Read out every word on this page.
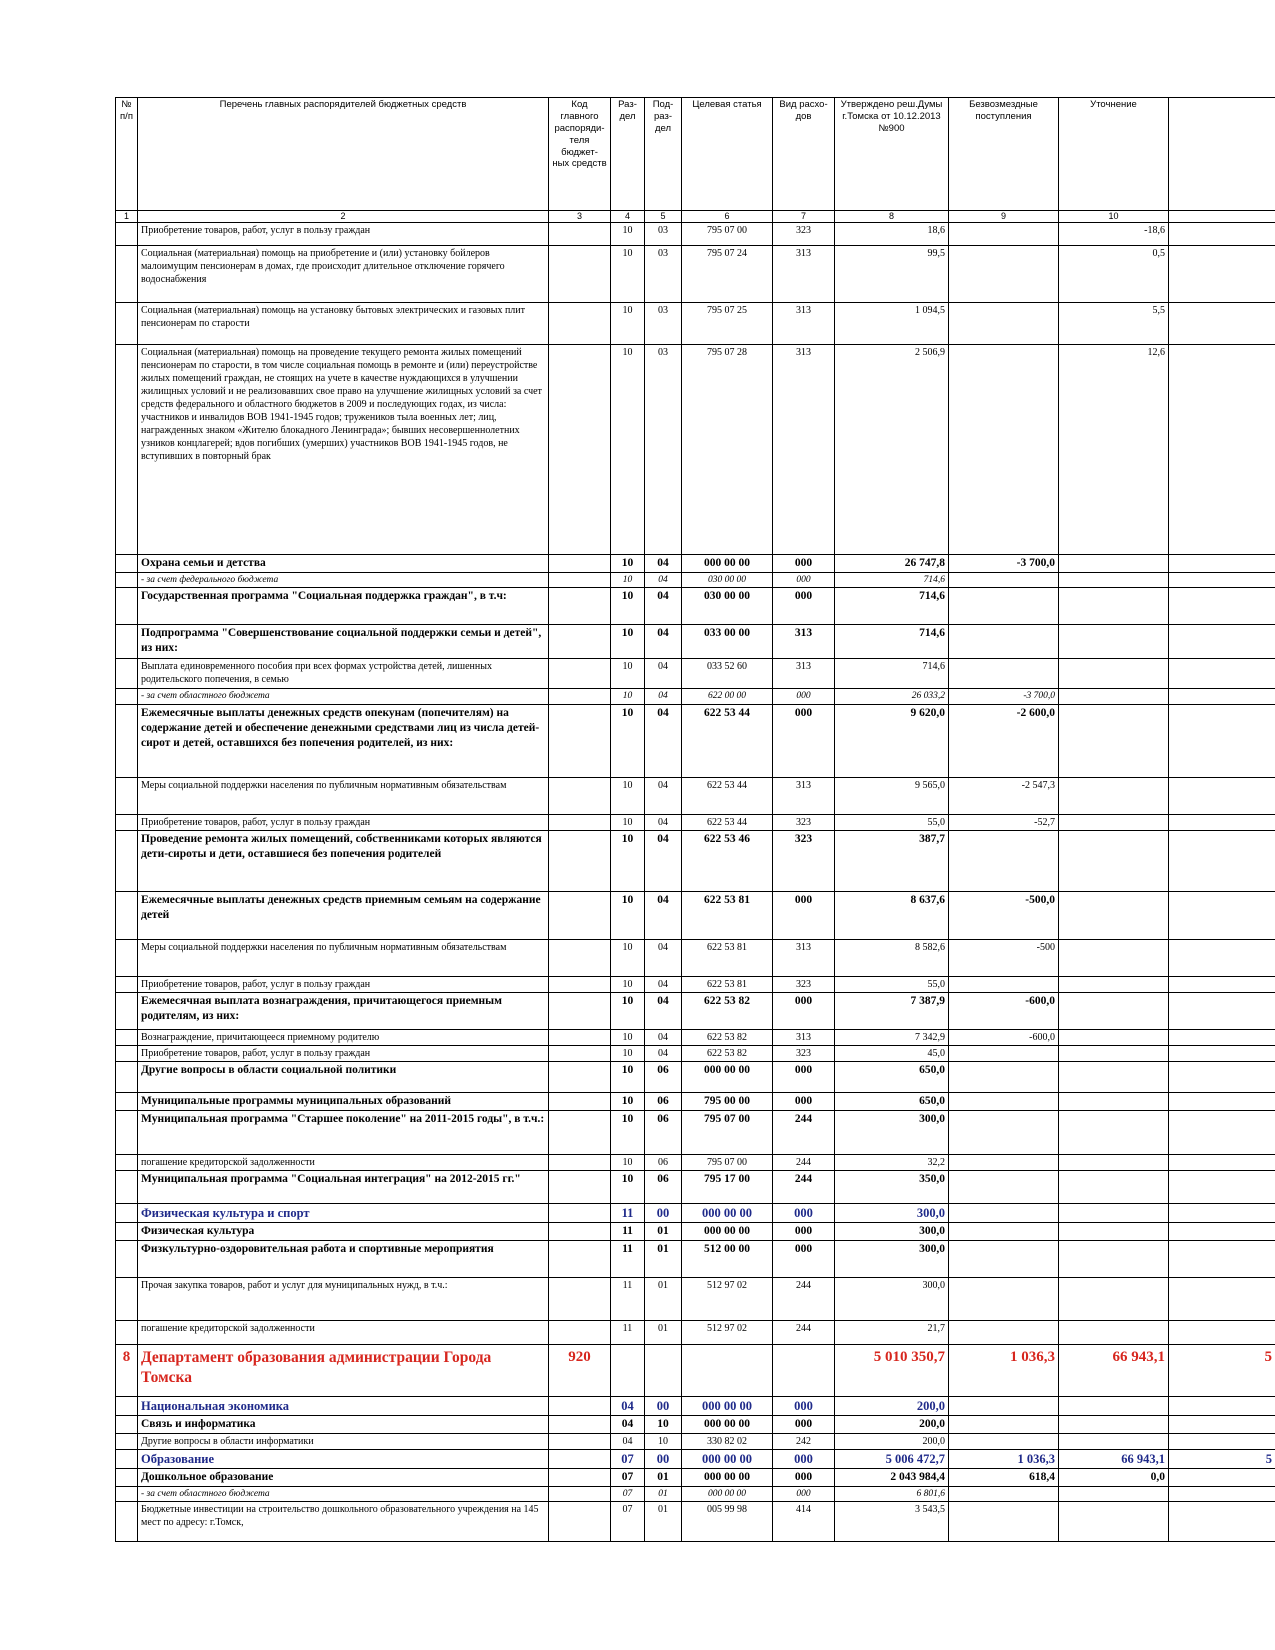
№ п/п	Перечень главных распорядителей бюджетных средств	Код главного распоряди- теля бюджет- ных средств	Раз- дел	Под- раз- дел	Целевая статья	Вид расхо- дов	Утверждено реш.Думы г.Томска от 10.12.2013 №900	Безвозмездные поступления	Уточнение	
1	2	3	4	5	6	7	8	9	10	
	Приобретение товаров, работ, услуг в пользу граждан		10	03	795 07 00	323	18,6		-18,6	
	Социальная (материальная) помощь на приобретение и (или) установку бойлеров малоимущим пенсионерам в домах, где происходит длительное отключение горячего водоснабжения		10	03	795 07 24	313	99,5		0,5	
	Социальная (материальная) помощь на установку бытовых электрических и газовых плит пенсионерам по старости		10	03	795 07 25	313	1 094,5		5,5	
	Социальная (материальная) помощь на проведение текущего ремонта жилых помещений пенсионерам по старости, в том числе социальная помощь в ремонте и (или) переустройстве жилых помещений граждан, не стоящих на учете в качестве нуждающихся в улучшении жилищных условий и не реализовавших свое право на улучшение жилищных условий за счет средств федерального и областного бюджетов в 2009 и последующих годах, из числа: участников и инвалидов ВОВ 1941-1945 годов; тружеников тыла военных лет; лиц, награжденных знаком «Жителю блокадного Ленинграда»; бывших несовершеннолетних узников концлагерей; вдов погибших (умерших) участников ВОВ 1941-1945 годов, не вступивших в повторный брак		10	03	795 07 28	313	2 506,9		12,6	
	Охрана семьи и детства		10	04	000 00 00	000	26 747,8	-3 700,0		
	- за счет федерального бюджета		10	04	030 00 00	000	714,6			
	Государственная программа "Социальная поддержка граждан", в т.ч:		10	04	030 00 00	000	714,6			
	Подпрограмма "Совершенствование социальной поддержки семьи и детей", из них:		10	04	033 00 00	313	714,6			
	Выплата единовременного пособия при всех формах устройства детей, лишенных родительского попечения, в семью		10	04	033 52 60	313	714,6			
	- за счет областного бюджета		10	04	622 00 00	000	26 033,2	-3 700,0		
	Ежемесячные выплаты денежных средств опекунам (попечителям) на содержание детей и обеспечение денежными средствами лиц из числа детей-сирот и детей, оставшихся без попечения родителей, из них:		10	04	622 53 44	000	9 620,0	-2 600,0		
	Меры социальной поддержки населения по публичным нормативным обязательствам		10	04	622 53 44	313	9 565,0	-2 547,3		
	Приобретение товаров, работ, услуг в пользу граждан		10	04	622 53 44	323	55,0	-52,7		
	Проведение ремонта жилых помещений, собственниками которых являются дети-сироты и дети, оставшиеся без попечения родителей		10	04	622 53 46	323	387,7			
	Ежемесячные выплаты денежных средств приемным семьям на содержание детей		10	04	622 53 81	000	8 637,6	-500,0		
	Меры социальной поддержки населения по публичным нормативным обязательствам		10	04	622 53 81	313	8 582,6	-500		
	Приобретение товаров, работ, услуг в пользу граждан		10	04	622 53 81	323	55,0			
	Ежемесячная выплата вознаграждения, причитающегося приемным родителям, из них:		10	04	622 53 82	000	7 387,9	-600,0		
	Вознаграждение, причитающееся приемному родителю		10	04	622 53 82	313	7 342,9	-600,0		
	Приобретение товаров, работ, услуг в пользу граждан		10	04	622 53 82	323	45,0			
	Другие вопросы в области социальной политики		10	06	000 00 00	000	650,0			
	Муниципальные программы муниципальных образований		10	06	795 00 00	000	650,0			
	Муниципальная программа "Старшее поколение" на 2011-2015 годы", в т.ч.:		10	06	795 07 00	244	300,0			
	погашение кредиторской задолженности		10	06	795 07 00	244	32,2			
	Муниципальная программа "Социальная интеграция" на 2012-2015 гг."		10	06	795 17 00	244	350,0			
	Физическая культура и спорт		11	00	000 00 00	000	300,0			
	Физическая культура		11	01	000 00 00	000	300,0			
	Физкультурно-оздоровительная работа и спортивные мероприятия		11	01	512 00 00	000	300,0			
	Прочая закупка товаров, работ и услуг для муниципальных нужд, в т.ч.:		11	01	512 97 02	244	300,0			
	погашение кредиторской задолженности		11	01	512 97 02	244	21,7			
8	Департамент образования администрации Города Томска	920					5 010 350,7	1 036,3	66 943,1	5
	Национальная экономика		04	00	000 00 00	000	200,0			
	Связь и информатика		04	10	000 00 00	000	200,0			
	Другие вопросы в области информатики		04	10	330 82 02	242	200,0			
	Образование		07	00	000 00 00	000	5 006 472,7	1 036,3	66 943,1	5
	Дошкольное образование		07	01	000 00 00	000	2 043 984,4	618,4	0,0	
	- за счет областного бюджета		07	01	000 00 00	000	6 801,6			
	Бюджетные инвестиции на строительство дошкольного образовательного учреждения на 145 мест по адресу: г.Томск,		07	01	005 99 98	414	3 543,5			
